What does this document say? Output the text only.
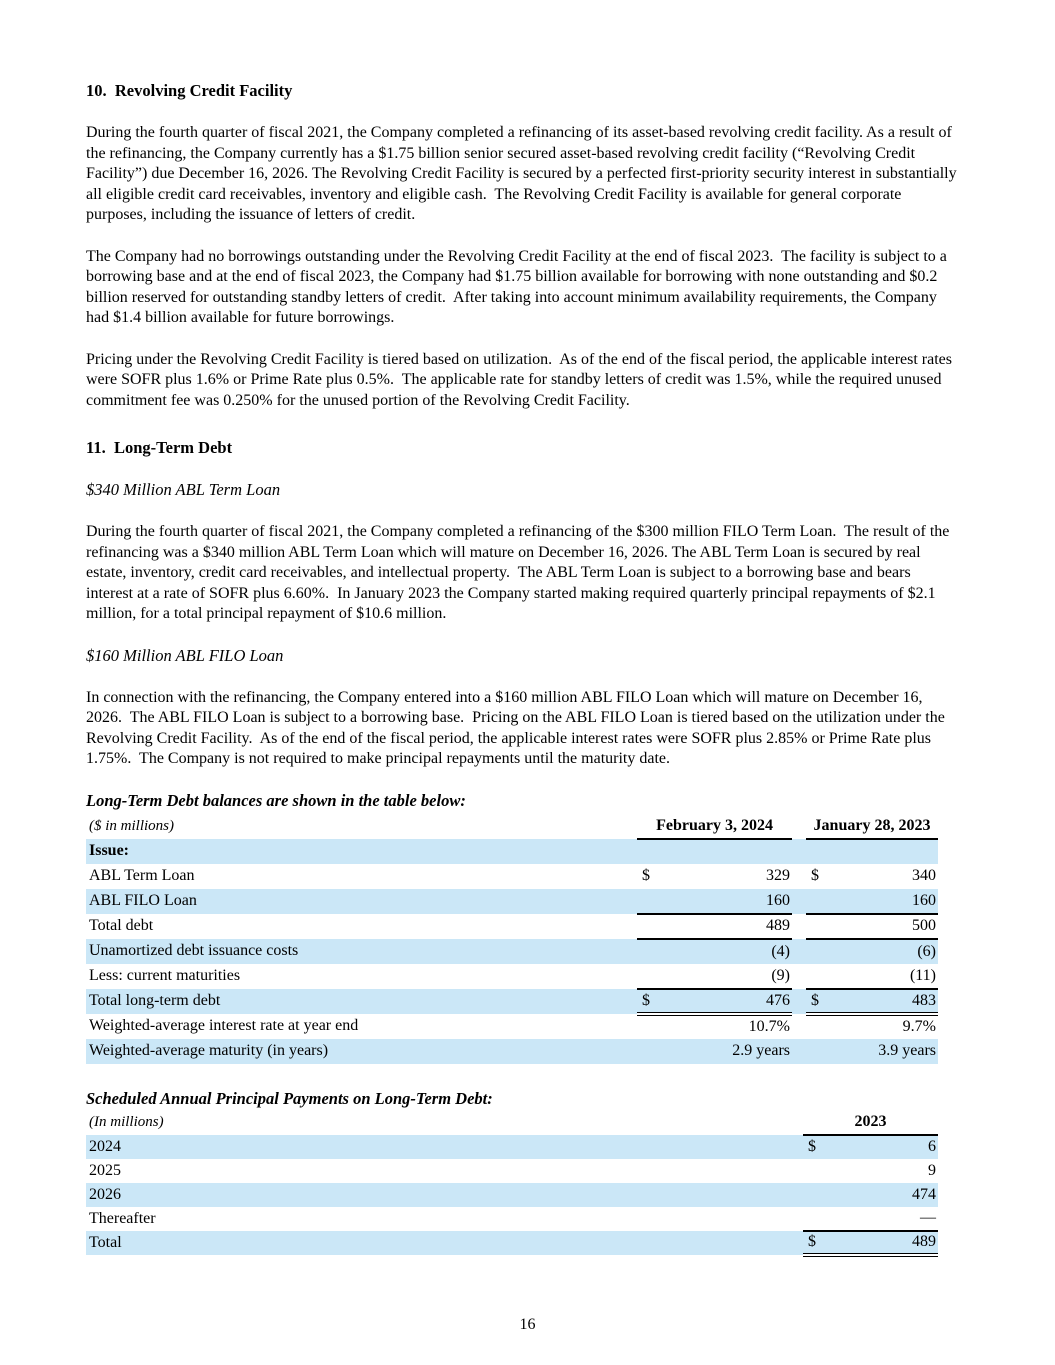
10.  Revolving Credit Facility
During the fourth quarter of fiscal 2021, the Company completed a refinancing of its asset-based revolving credit facility. As a result of the refinancing, the Company currently has a $1.75 billion senior secured asset-based revolving credit facility (“Revolving Credit Facility”) due December 16, 2026. The Revolving Credit Facility is secured by a perfected first-priority security interest in substantially all eligible credit card receivables, inventory and eligible cash.  The Revolving Credit Facility is available for general corporate purposes, including the issuance of letters of credit.
The Company had no borrowings outstanding under the Revolving Credit Facility at the end of fiscal 2023.  The facility is subject to a borrowing base and at the end of fiscal 2023, the Company had $1.75 billion available for borrowing with none outstanding and $0.2 billion reserved for outstanding standby letters of credit.  After taking into account minimum availability requirements, the Company had $1.4 billion available for future borrowings.
Pricing under the Revolving Credit Facility is tiered based on utilization.  As of the end of the fiscal period, the applicable interest rates were SOFR plus 1.6% or Prime Rate plus 0.5%.  The applicable rate for standby letters of credit was 1.5%, while the required unused commitment fee was 0.250% for the unused portion of the Revolving Credit Facility.
11.  Long-Term Debt
$340 Million ABL Term Loan
During the fourth quarter of fiscal 2021, the Company completed a refinancing of the $300 million FILO Term Loan.  The result of the refinancing was a $340 million ABL Term Loan which will mature on December 16, 2026. The ABL Term Loan is secured by real estate, inventory, credit card receivables, and intellectual property.  The ABL Term Loan is subject to a borrowing base and bears interest at a rate of SOFR plus 6.60%.  In January 2023 the Company started making required quarterly principal repayments of $2.1 million, for a total principal repayment of $10.6 million.
$160 Million ABL FILO Loan
In connection with the refinancing, the Company entered into a $160 million ABL FILO Loan which will mature on December 16, 2026.  The ABL FILO Loan is subject to a borrowing base.  Pricing on the ABL FILO Loan is tiered based on the utilization under the Revolving Credit Facility.  As of the end of the fiscal period, the applicable interest rates were SOFR plus 2.85% or Prime Rate plus 1.75%.  The Company is not required to make principal repayments until the maturity date.
Long-Term Debt balances are shown in the table below:
($ in millions)	February 3, 2024			January 28, 2023	
Issue:					
ABL Term Loan	$	329		$	340
ABL FILO Loan		160			160
Total debt		489			500
Unamortized debt issuance costs		(4)			(6)
Less: current maturities		(9)			(11)
Total long-term debt	$	476		$	483
Weighted-average interest rate at year end		10.7%			9.7%
Weighted-average maturity (in years)		2.9 years			3.9 years
Scheduled Annual Principal Payments on Long-Term Debt:
(In millions)	2023	
2024	$	6
2025		9
2026		474
Thereafter		—
Total	$	489
16
